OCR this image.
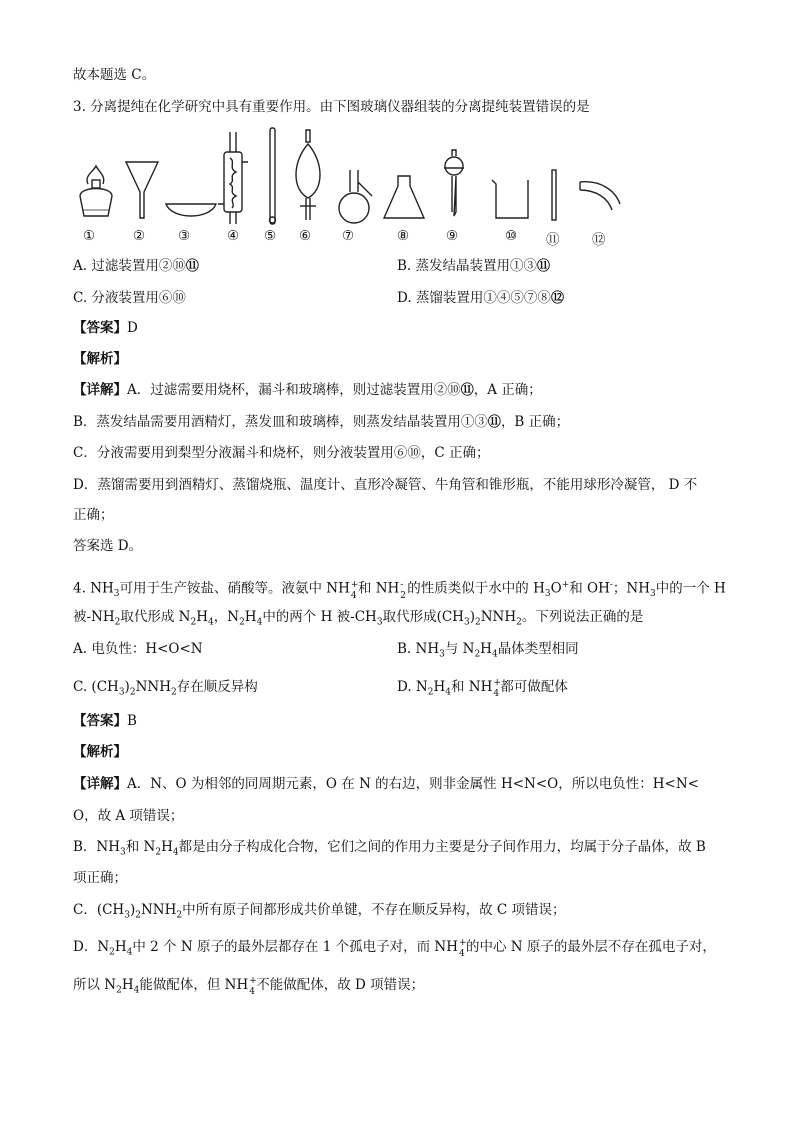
故本题选 C。
3. 分离提纯在化学研究中具有重要作用。由下图玻璃仪器组装的分离提纯装置错误的是
①	② ③	④ ⑤ ⑥ ⑦	⑧	⑨	⑩ ⑪ ⑫
A. 过滤装置用②⑩⑪	B. 蒸发结晶装置用①③⑪
C. 分液装置用⑥⑩	D. 蒸馏装置用①④⑤⑦⑧⑫
【答案】D
【解析】
【详解】A．过滤需要用烧杯，漏斗和玻璃棒，则过滤装置用②⑩⑪，A 正确；
B．蒸发结晶需要用酒精灯，蒸发皿和玻璃棒，则蒸发结晶装置用①③⑪，B 正确；
C．分液需要用到梨型分液漏斗和烧杯，则分液装置用⑥⑩，C 正确；
D．蒸馏需要用到酒精灯、蒸馏烧瓶、温度计、直形冷凝管、牛角管和锥形瓶，不能用球形冷凝管， D 不
正确；
答案选 D。
4. $NH_3$可用于生产铵盐、硝酸等。液氨中 NH +
4 和 NH -
2 的性质类似于水中的 $H_3O^+$和 OH-；$NH_3$中的一个 H
被$-NH_2$取代形成 $N_2H_4$，$N_2H_4$中的两个 H 被$-CH_3$取代形成$(CH_3)_2NNH_2$。下列说法正确的是
A. 电负性：H<O<N	B. $NH_3$与 $N_2H_4$晶体类型相同
C. $(CH_3)_2NNH_2$存在顺反异构	D. $N_2H_4$和 NH +
4 都可做配体
【答案】B
【解析】
【详解】A．N、O 为相邻的同周期元素，O 在 N 的右边，则非金属性 H<N<O，所以电负性：H<N<
O，故 A 项错误；
B．$NH_3$和 $N_2H_4$都是由分子构成化合物，它们之间的作用力主要是分子间作用力，均属于分子晶体，故 B
项正确；
C．$(CH_3)_2NNH_2$中所有原子间都形成共价单键，不存在顺反异构，故 C 项错误；
D．$N_2H_4$中 2 个 N 原子的最外层都存在 1 个孤电子对，而 NH +
4 的中心 N 原子的最外层不存在孤电子对，
所以 $N_2H_4$能做配体，但 NH +
4 不能做配体，故 D 项错误；
